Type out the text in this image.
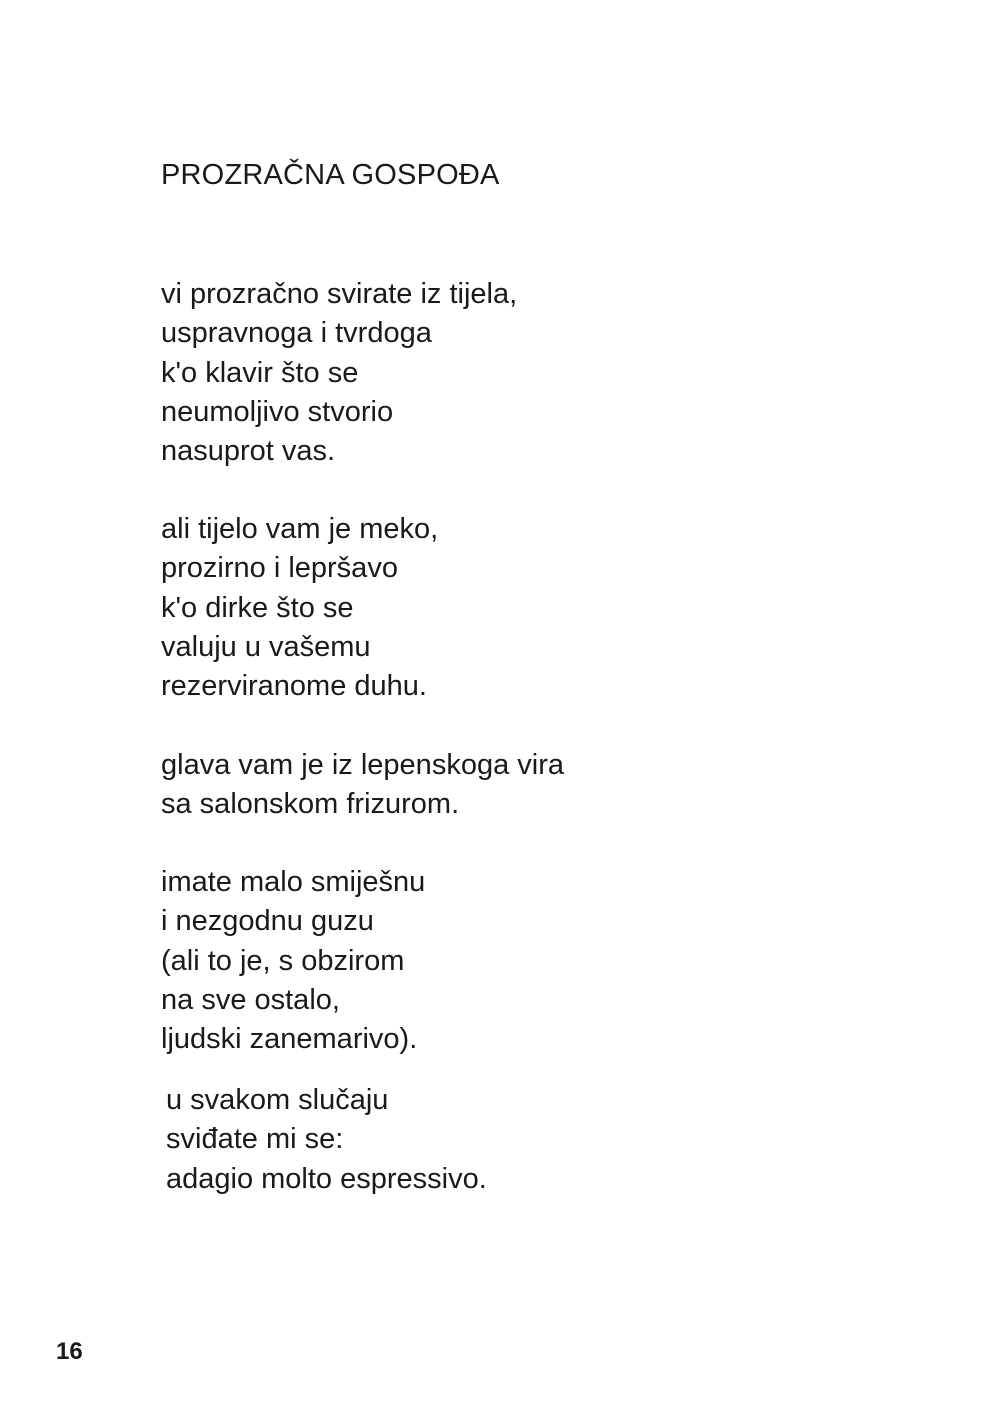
PROZRAČNA GOSPOĐA
vi prozračno svirate iz tijela,
uspravnoga i tvrdoga
k'o klavir što se
neumoljivo stvorio
nasuprot vas.
ali tijelo vam je meko,
prozirno i lepršavo
k'o dirke što se
valuju u vašemu
rezerviranome duhu.
glava vam je iz lepenskoga vira
sa salonskom frizurom.
imate malo smiješnu
i nezgodnu guzu
(ali to je, s obzirom
na sve ostalo,
ljudski zanemarivo).
u svakom slučaju
sviđate mi se:
adagio molto espressivo.
16
